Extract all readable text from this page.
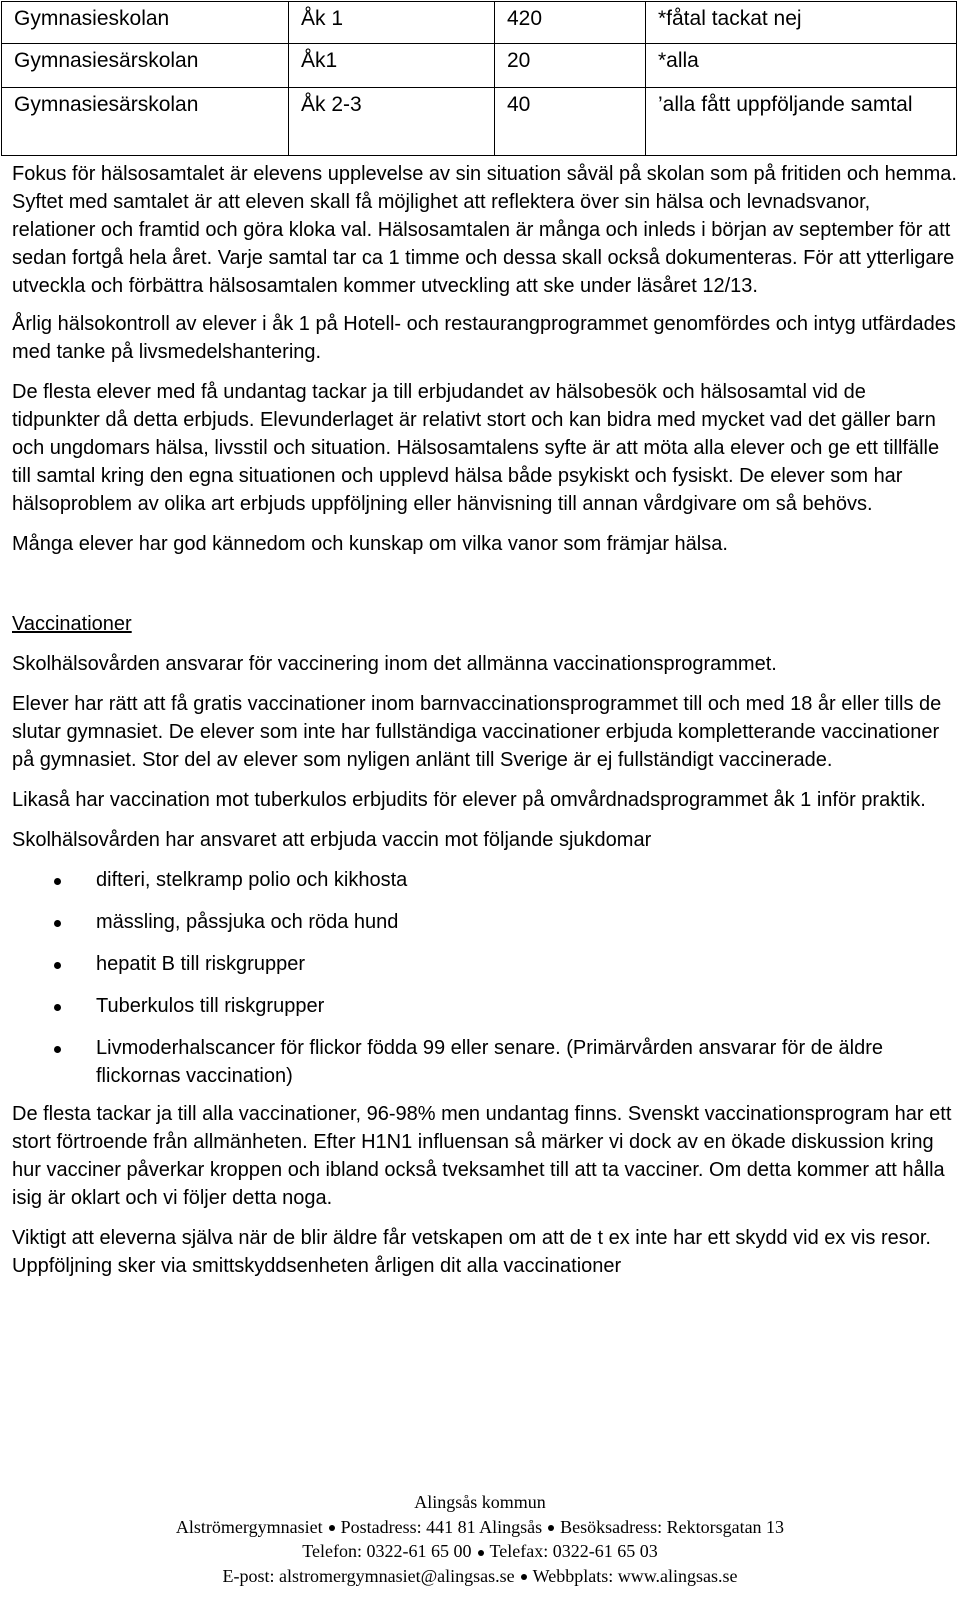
Gymnasieskolan	Åk 1	420	*fåtal tackat nej
Gymnasiesärskolan	Åk1	20	*alla
Gymnasiesärskolan	Åk 2-3	40	’alla fått uppföljande samtal

Fokus för hälsosamtalet är elevens upplevelse av sin situation såväl på skolan som på fritiden och hemma. Syftet med samtalet är att eleven skall få möjlighet att reflektera över sin hälsa och levnadsvanor, relationer och framtid och göra kloka val. Hälsosamtalen är många och inleds i början av september för att sedan fortgå hela året. Varje samtal tar ca 1 timme och dessa skall också dokumenteras. För att ytterligare utveckla och förbättra hälsosamtalen kommer utveckling att ske under läsåret 12/13.

Årlig hälsokontroll av elever i åk 1 på Hotell- och restaurangprogrammet genomfördes och intyg utfärdades med tanke på livsmedelshantering.

De flesta elever med få undantag tackar ja till erbjudandet av hälsobesök och hälsosamtal vid de tidpunkter då detta erbjuds. Elevunderlaget är relativt stort och kan bidra med mycket vad det gäller barn och ungdomars hälsa, livsstil och situation. Hälsosamtalens syfte är att möta alla elever och ge ett tillfälle till samtal kring den egna situationen och upplevd hälsa både psykiskt och fysiskt. De elever som har hälsoproblem av olika art erbjuds uppföljning eller hänvisning till annan vårdgivare om så behövs.

Många elever har god kännedom och kunskap om vilka vanor som främjar hälsa.

Vaccinationer

Skolhälsovården ansvarar för vaccinering inom det allmänna vaccinationsprogrammet.

Elever har rätt att få gratis vaccinationer inom barnvaccinationsprogrammet till och med 18 år eller tills de slutar gymnasiet. De elever som inte har fullständiga vaccinationer erbjuda kompletterande vaccinationer på gymnasiet. Stor del av elever som nyligen anlänt till Sverige är ej fullständigt vaccinerade.

Likaså har vaccination mot tuberkulos erbjudits för elever på omvårdnadsprogrammet åk 1 inför praktik.

Skolhälsovården har ansvaret att erbjuda vaccin mot följande sjukdomar

difteri, stelkramp polio och kikhosta
mässling, påssjuka och röda hund
hepatit B till riskgrupper
Tuberkulos till riskgrupper
Livmoderhalscancer för flickor födda 99 eller senare. (Primärvården ansvarar för de äldre flickornas vaccination)

De flesta tackar ja till alla vaccinationer, 96-98% men undantag finns. Svenskt vaccinationsprogram har ett stort förtroende från allmänheten. Efter H1N1 influensan så märker vi dock av en ökade diskussion kring hur vacciner påverkar kroppen och ibland också tveksamhet till att ta vacciner. Om detta kommer att hålla isig är oklart och vi följer detta noga.

Viktigt att eleverna själva när de blir äldre får vetskapen om att de t ex inte har ett skydd vid ex vis resor. Uppföljning sker via smittskyddsenheten årligen dit alla vaccinationer

Alingsås kommun
Alströmergymnasiet Postadress: 441 81 Alingsås Besöksadress: Rektorsgatan 13
Telefon: 0322-61 65 00 Telefax: 0322-61 65 03
E-post: alstromergymnasiet@alingsas.se Webbplats: www.alingsas.se
